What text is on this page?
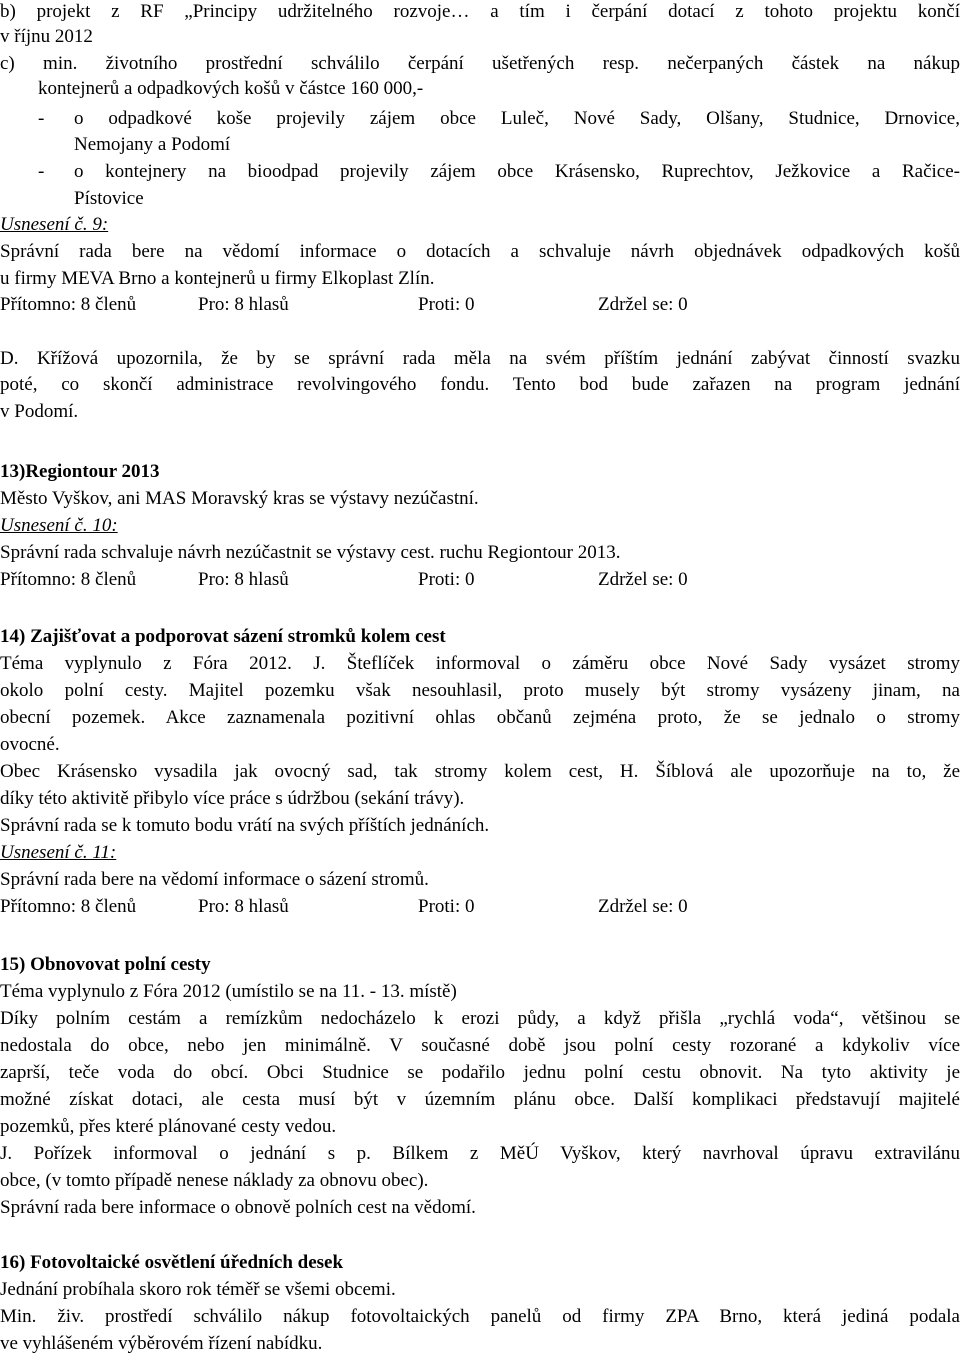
b) projekt z RF „Principy udržitelného rozvoje… a tím i čerpání dotací z tohoto projektu končí
v říjnu 2012
c) min. životního prostřední schválilo čerpání ušetřených resp. nečerpaných částek na nákup
kontejnerů a odpadkových košů v částce 160 000,-
- o odpadkové koše projevily zájem obce Luleč, Nové Sady, Olšany, Studnice, Drnovice,
Nemojany a Podomí
- o kontejnery na bioodpad projevily zájem obce Krásensko, Ruprechtov, Ježkovice a Račice-
Pístovice
Usnesení č. 9:
Správní rada bere na vědomí informace o dotacích a schvaluje návrh objednávek odpadkových košů
u firmy MEVA Brno a kontejnerů u firmy Elkoplast Zlín.
Přítomno: 8 členů	Pro: 8 hlasů	Proti: 0	Zdržel se: 0
D. Křížová upozornila, že by se správní rada měla na svém příštím jednání zabývat činností svazku
poté, co skončí administrace revolvingového fondu. Tento bod bude zařazen na program jednání
v Podomí.
13)Regiontour 2013
Město Vyškov, ani MAS Moravský kras se výstavy nezúčastní.
Usnesení č. 10:
Správní rada schvaluje návrh nezúčastnit se výstavy cest. ruchu Regiontour 2013.
Přítomno: 8 členů	Pro: 8 hlasů	Proti: 0	Zdržel se: 0
14) Zajišťovat a podporovat sázení stromků kolem cest
Téma vyplynulo z Fóra 2012. J. Šteflíček informoval o záměru obce Nové Sady vysázet stromy
okolo polní cesty. Majitel pozemku však nesouhlasil, proto musely být stromy vysázeny jinam, na
obecní pozemek. Akce zaznamenala pozitivní ohlas občanů zejména proto, že se jednalo o stromy
ovocné.
Obec Krásensko vysadila jak ovocný sad, tak stromy kolem cest, H. Šíblová ale upozorňuje na to, že
díky této aktivitě přibylo více práce s údržbou (sekání trávy).
Správní rada se k tomuto bodu vrátí na svých příštích jednáních.
Usnesení č. 11:
Správní rada bere na vědomí informace o sázení stromů.
Přítomno: 8 členů	Pro: 8 hlasů	Proti: 0	Zdržel se: 0
15) Obnovovat polní cesty
Téma vyplynulo z Fóra 2012 (umístilo se na 11. - 13. místě)
Díky polním cestám a remízkům nedocházelo k erozi půdy, a když přišla „rychlá voda“, většinou se
nedostala do obce, nebo jen minimálně. V současné době jsou polní cesty rozorané a kdykoliv více
zaprší, teče voda do obcí. Obci Studnice se podařilo jednu polní cestu obnovit. Na tyto aktivity je
možné získat dotaci, ale cesta musí být v územním plánu obce. Další komplikaci představují majitelé
pozemků, přes které plánované cesty vedou.
J. Pořízek informoval o jednání s p. Bílkem z MěÚ Vyškov, který navrhoval úpravu extravilánu
obce, (v tomto případě nenese náklady za obnovu obec).
Správní rada bere informace o obnově polních cest na vědomí.
16) Fotovoltaické osvětlení úředních desek
Jednání probíhala skoro rok téměř se všemi obcemi.
Min. živ. prostředí schválilo nákup fotovoltaických panelů od firmy ZPA Brno, která jediná podala
ve vyhlášeném výběrovém řízení nabídku.
